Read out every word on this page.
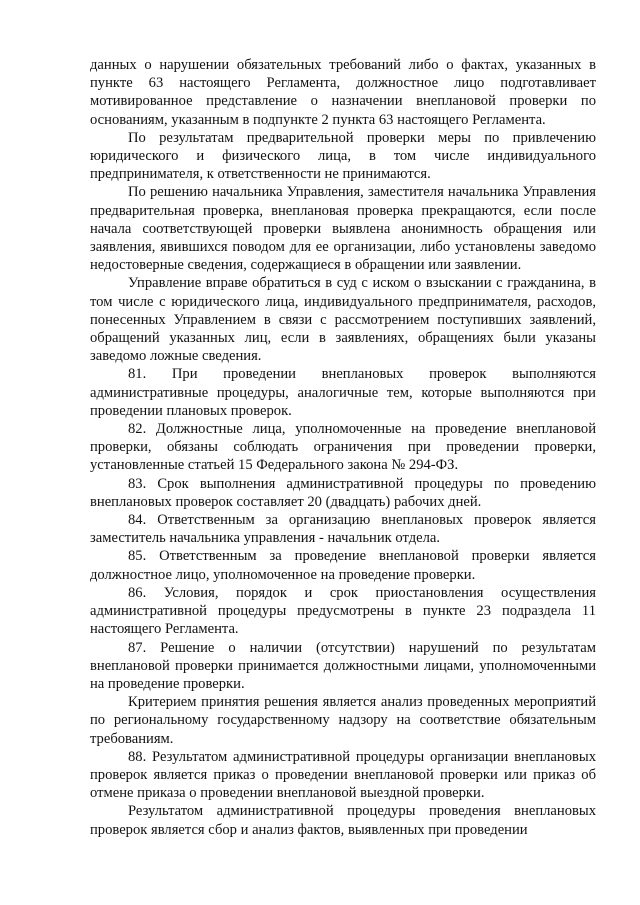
данных о нарушении обязательных требований либо о фактах, указанных в пункте 63 настоящего Регламента, должностное лицо подготавливает мотивированное представление о назначении внеплановой проверки по основаниям, указанным в подпункте 2 пункта 63 настоящего Регламента.

По результатам предварительной проверки меры по привлечению юридического и физического лица, в том числе индивидуального предпринимателя, к ответственности не принимаются.

По решению начальника Управления, заместителя начальника Управления предварительная проверка, внеплановая проверка прекращаются, если после начала соответствующей проверки выявлена анонимность обращения или заявления, явившихся поводом для ее организации, либо установлены заведомо недостоверные сведения, содержащиеся в обращении или заявлении.

Управление вправе обратиться в суд с иском о взыскании с гражданина, в том числе с юридического лица, индивидуального предпринимателя, расходов, понесенных Управлением в связи с рассмотрением поступивших заявлений, обращений указанных лиц, если в заявлениях, обращениях были указаны заведомо ложные сведения.

81. При проведении внеплановых проверок выполняются административные процедуры, аналогичные тем, которые выполняются при проведении плановых проверок.

82. Должностные лица, уполномоченные на проведение внеплановой проверки, обязаны соблюдать ограничения при проведении проверки, установленные статьей 15 Федерального закона № 294-ФЗ.

83. Срок выполнения административной процедуры по проведению внеплановых проверок составляет 20 (двадцать) рабочих дней.

84. Ответственным за организацию внеплановых проверок является заместитель начальника управления - начальник отдела.

85. Ответственным за проведение внеплановой проверки является должностное лицо, уполномоченное на проведение проверки.

86. Условия, порядок и срок приостановления осуществления административной процедуры предусмотрены в пункте 23 подраздела 11 настоящего Регламента.

87. Решение о наличии (отсутствии) нарушений по результатам внеплановой проверки принимается должностными лицами, уполномоченными на проведение проверки.

Критерием принятия решения является анализ проведенных мероприятий по региональному государственному надзору на соответствие обязательным требованиям.

88. Результатом административной процедуры организации внеплановых проверок является приказ о проведении внеплановой проверки или приказ об отмене приказа о проведении внеплановой выездной проверки.

Результатом административной процедуры проведения внеплановых проверок является сбор и анализ фактов, выявленных при проведении
